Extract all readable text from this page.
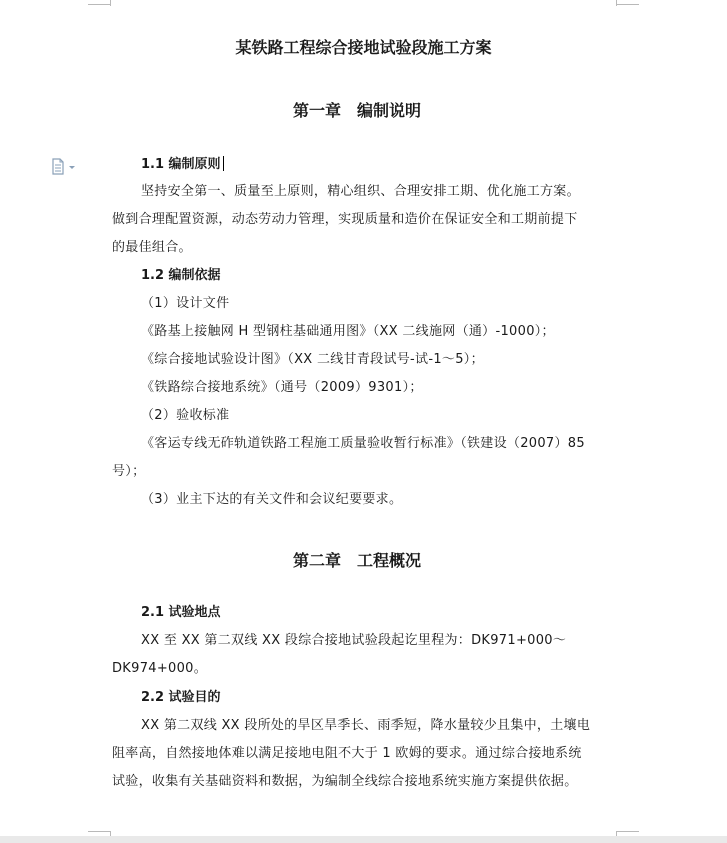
某铁路工程综合接地试验段施工方案
第一章　编制说明
1.1 编制原则
坚持安全第一、质量至上原则，精心组织、合理安排工期、优化施工方案。
做到合理配置资源，动态劳动力管理，实现质量和造价在保证安全和工期前提下
的最佳组合。
1.2 编制依据
（1）设计文件
《路基上接触网 H 型钢柱基础通用图》（XX 二线施网（通）-1000）；
《综合接地试验设计图》（XX 二线甘青段试号-试-1～5）；
《铁路综合接地系统》（通号（2009）9301）；
（2）验收标准
《客运专线无砟轨道铁路工程施工质量验收暂行标准》（铁建设（2007）85
号）；
（3）业主下达的有关文件和会议纪要要求。
第二章　工程概况
2.1 试验地点
XX 至 XX 第二双线 XX 段综合接地试验段起讫里程为：DK971+000～
DK974+000。
2.2 试验目的
XX 第二双线 XX 段所处的旱区旱季长、雨季短，降水量较少且集中，土壤电
阻率高，自然接地体难以满足接地电阻不大于 1 欧姆的要求。通过综合接地系统
试验，收集有关基础资料和数据，为编制全线综合接地系统实施方案提供依据。
